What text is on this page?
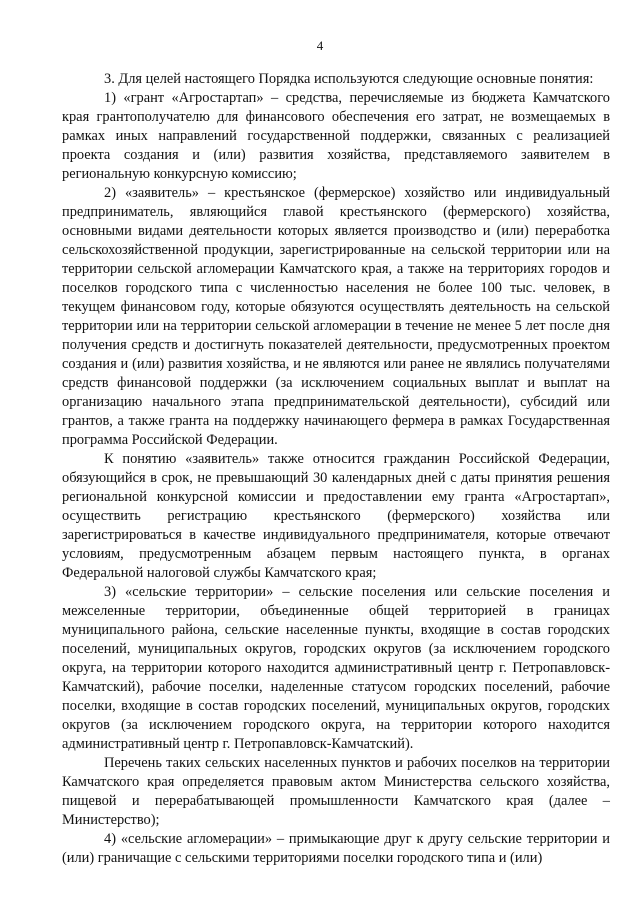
4

3. Для целей настоящего Порядка используются следующие основные понятия:

1) «грант «Агростартап» – средства, перечисляемые из бюджета Камчатского края грантополучателю для финансового обеспечения его затрат, не возмещаемых в рамках иных направлений государственной поддержки, связанных с реализацией проекта создания и (или) развития хозяйства, представляемого заявителем в региональную конкурсную комиссию;

2) «заявитель» – крестьянское (фермерское) хозяйство или индивидуальный предприниматель, являющийся главой крестьянского (фермерского) хозяйства, основными видами деятельности которых является производство и (или) переработка сельскохозяйственной продукции, зарегистрированные на сельской территории или на территории сельской агломерации Камчатского края, а также на территориях городов и поселков городского типа с численностью населения не более 100 тыс. человек, в текущем финансовом году, которые обязуются осуществлять деятельность на сельской территории или на территории сельской агломерации в течение не менее 5 лет после дня получения средств и достигнуть показателей деятельности, предусмотренных проектом создания и (или) развития хозяйства, и не являются или ранее не являлись получателями средств финансовой поддержки (за исключением социальных выплат и выплат на организацию начального этапа предпринимательской деятельности), субсидий или грантов, а также гранта на поддержку начинающего фермера в рамках Государственная программа Российской Федерации.

К понятию «заявитель» также относится гражданин Российской Федерации, обязующийся в срок, не превышающий 30 календарных дней с даты принятия решения региональной конкурсной комиссии и предоставлении ему гранта «Агростартап», осуществить регистрацию крестьянского (фермерского) хозяйства или зарегистрироваться в качестве индивидуального предпринимателя, которые отвечают условиям, предусмотренным абзацем первым настоящего пункта, в органах Федеральной налоговой службы Камчатского края;

3) «сельские территории» – сельские поселения или сельские поселения и межселенные территории, объединенные общей территорией в границах муниципального района, сельские населенные пункты, входящие в состав городских поселений, муниципальных округов, городских округов (за исключением городского округа, на территории которого находится административный центр г. Петропавловск-Камчатский), рабочие поселки, наделенные статусом городских поселений, рабочие поселки, входящие в состав городских поселений, муниципальных округов, городских округов (за исключением городского округа, на территории которого находится административный центр г. Петропавловск-Камчатский).

Перечень таких сельских населенных пунктов и рабочих поселков на территории Камчатского края определяется правовым актом Министерства сельского хозяйства, пищевой и перерабатывающей промышленности Камчатского края (далее – Министерство);

4) «сельские агломерации» – примыкающие друг к другу сельские территории и (или) граничащие с сельскими территориями поселки городского типа и (или)
